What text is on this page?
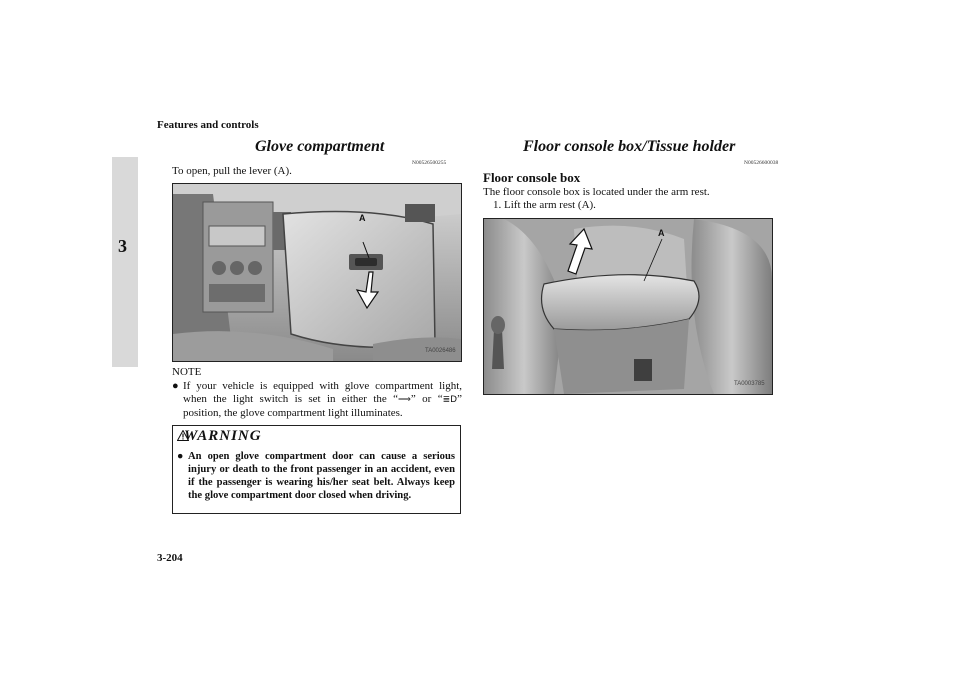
Features and controls
3
Glove compartment
N00526500255
To open, pull the lever (A).
A
TA0026486
NOTE
● If your vehicle is equipped with glove compartment light, when the light switch is set in either the “⟹” or “≣D” position, the glove compartment light illuminates.
WARNING
● An open glove compartment door can cause a serious injury or death to the front passenger in an accident, even if the passenger is wearing his/her seat belt. Always keep the glove compartment door closed when driving.
Floor console box/Tissue holder
N00526600038
Floor console box
The floor console box is located under the arm rest.
1. Lift the arm rest (A).
A
TA0003785
3-204
